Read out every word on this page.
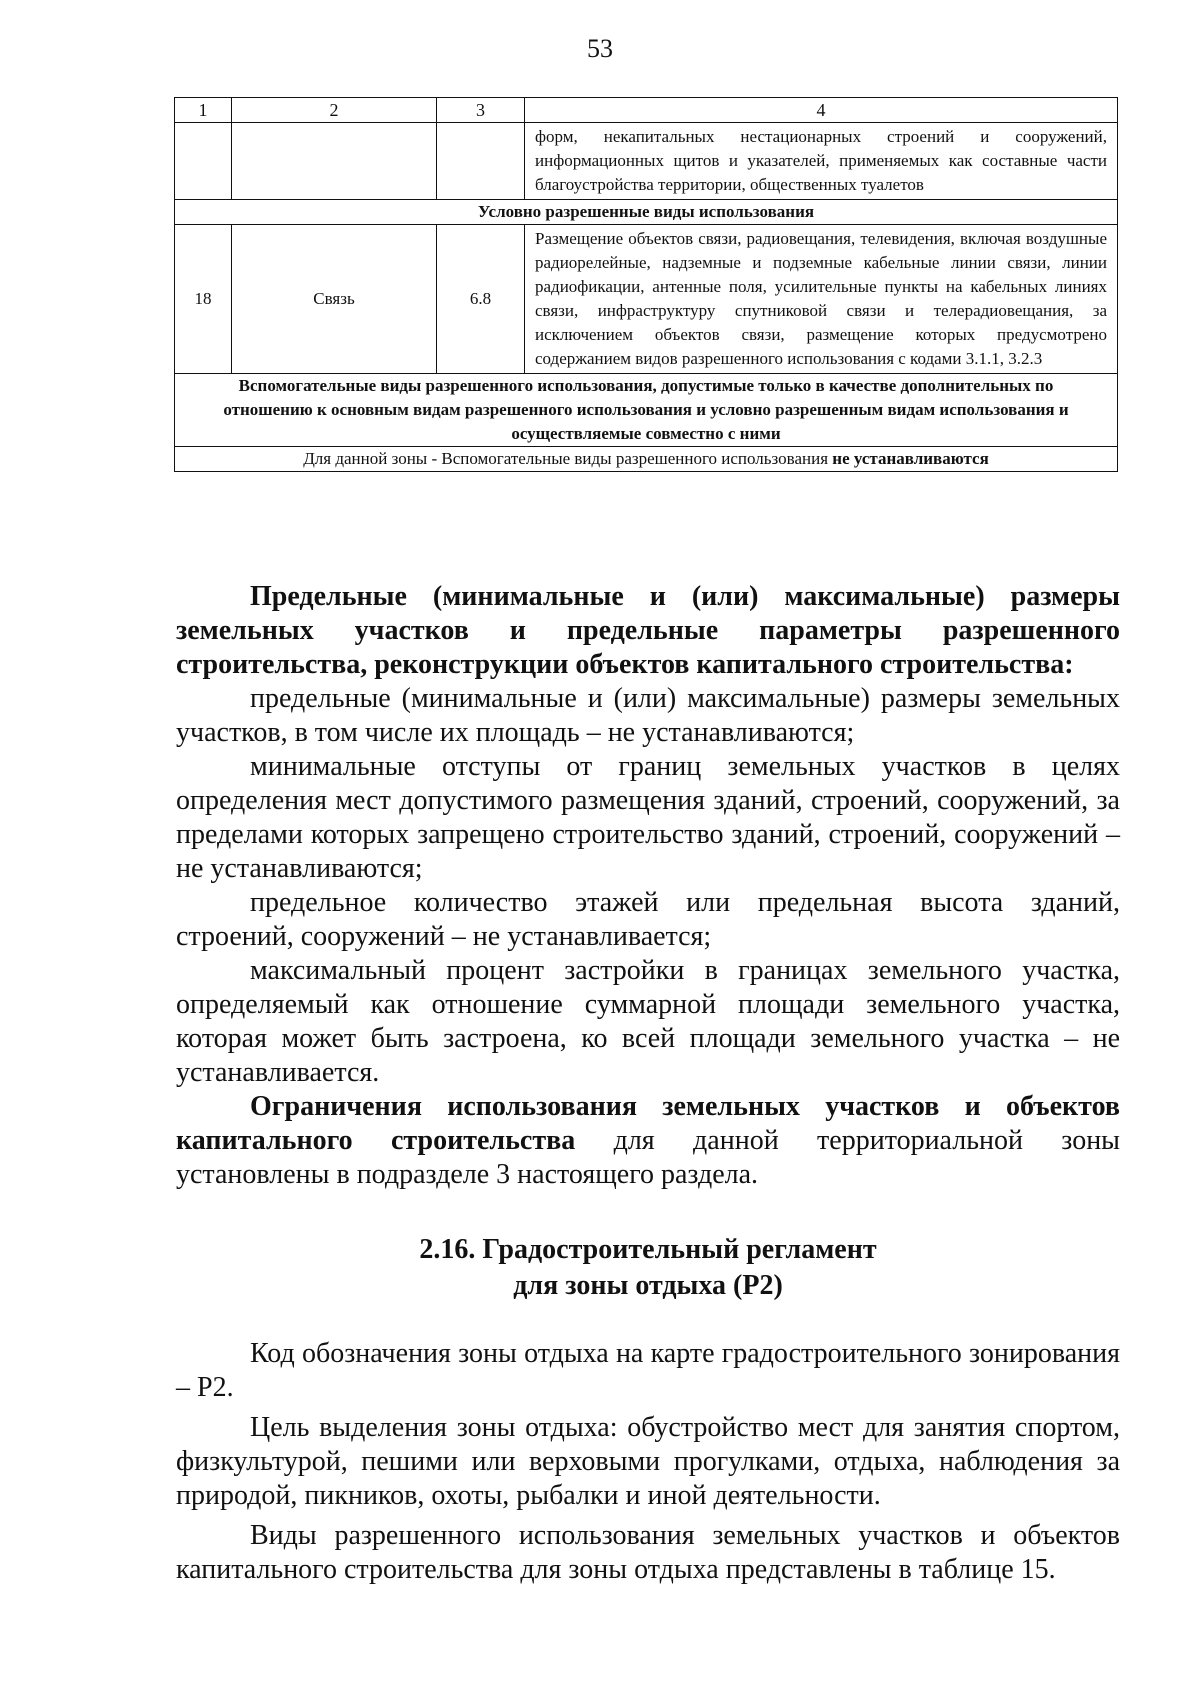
53
1	2	3	4
			форм, некапитальных нестационарных строений и сооружений, информационных щитов и указателей, применяемых как составные части благоустройства территории, общественных туалетов
Условно разрешенные виды использования			
18	Связь	6.8	Размещение объектов связи, радиовещания, телевидения, включая воздушные радиорелейные, надземные и подземные кабельные линии связи, линии радиофикации, антенные поля, усилительные пункты на кабельных линиях связи, инфраструктуру спутниковой связи и телерадиовещания, за исключением объектов связи, размещение которых предусмотрено содержанием видов разрешенного использования с кодами 3.1.1, 3.2.3
Вспомогательные виды разрешенного использования, допустимые только в качестве дополнительных по отношению к основным видам разрешенного использования и условно разрешенным видам использования и осуществляемые совместно с ними			
Для данной зоны - Вспомогательные виды разрешенного использования не устанавливаются			

Предельные (минимальные и (или) максимальные) размеры земельных участков и предельные параметры разрешенного строительства, реконструкции объектов капитального строительства:

предельные (минимальные и (или) максимальные) размеры земельных участков, в том числе их площадь – не устанавливаются;

минимальные отступы от границ земельных участков в целях определения мест допустимого размещения зданий, строений, сооружений, за пределами которых запрещено строительство зданий, строений, сооружений – не устанавливаются;

предельное количество этажей или предельная высота зданий, строений, сооружений – не устанавливается;

максимальный процент застройки в границах земельного участка, определяемый как отношение суммарной площади земельного участка, которая может быть застроена, ко всей площади земельного участка – не устанавливается.

Ограничения использования земельных участков и объектов капитального строительства для данной территориальной зоны установлены в подразделе 3 настоящего раздела.

2.16. Градостроительный регламент
для зоны отдыха (Р2)

Код обозначения зоны отдыха на карте градостроительного зонирования – Р2.

Цель выделения зоны отдыха: обустройство мест для занятия спортом, физкультурой, пешими или верховыми прогулками, отдыха, наблюдения за природой, пикников, охоты, рыбалки и иной деятельности.

Виды разрешенного использования земельных участков и объектов капитального строительства для зоны отдыха представлены в таблице 15.
